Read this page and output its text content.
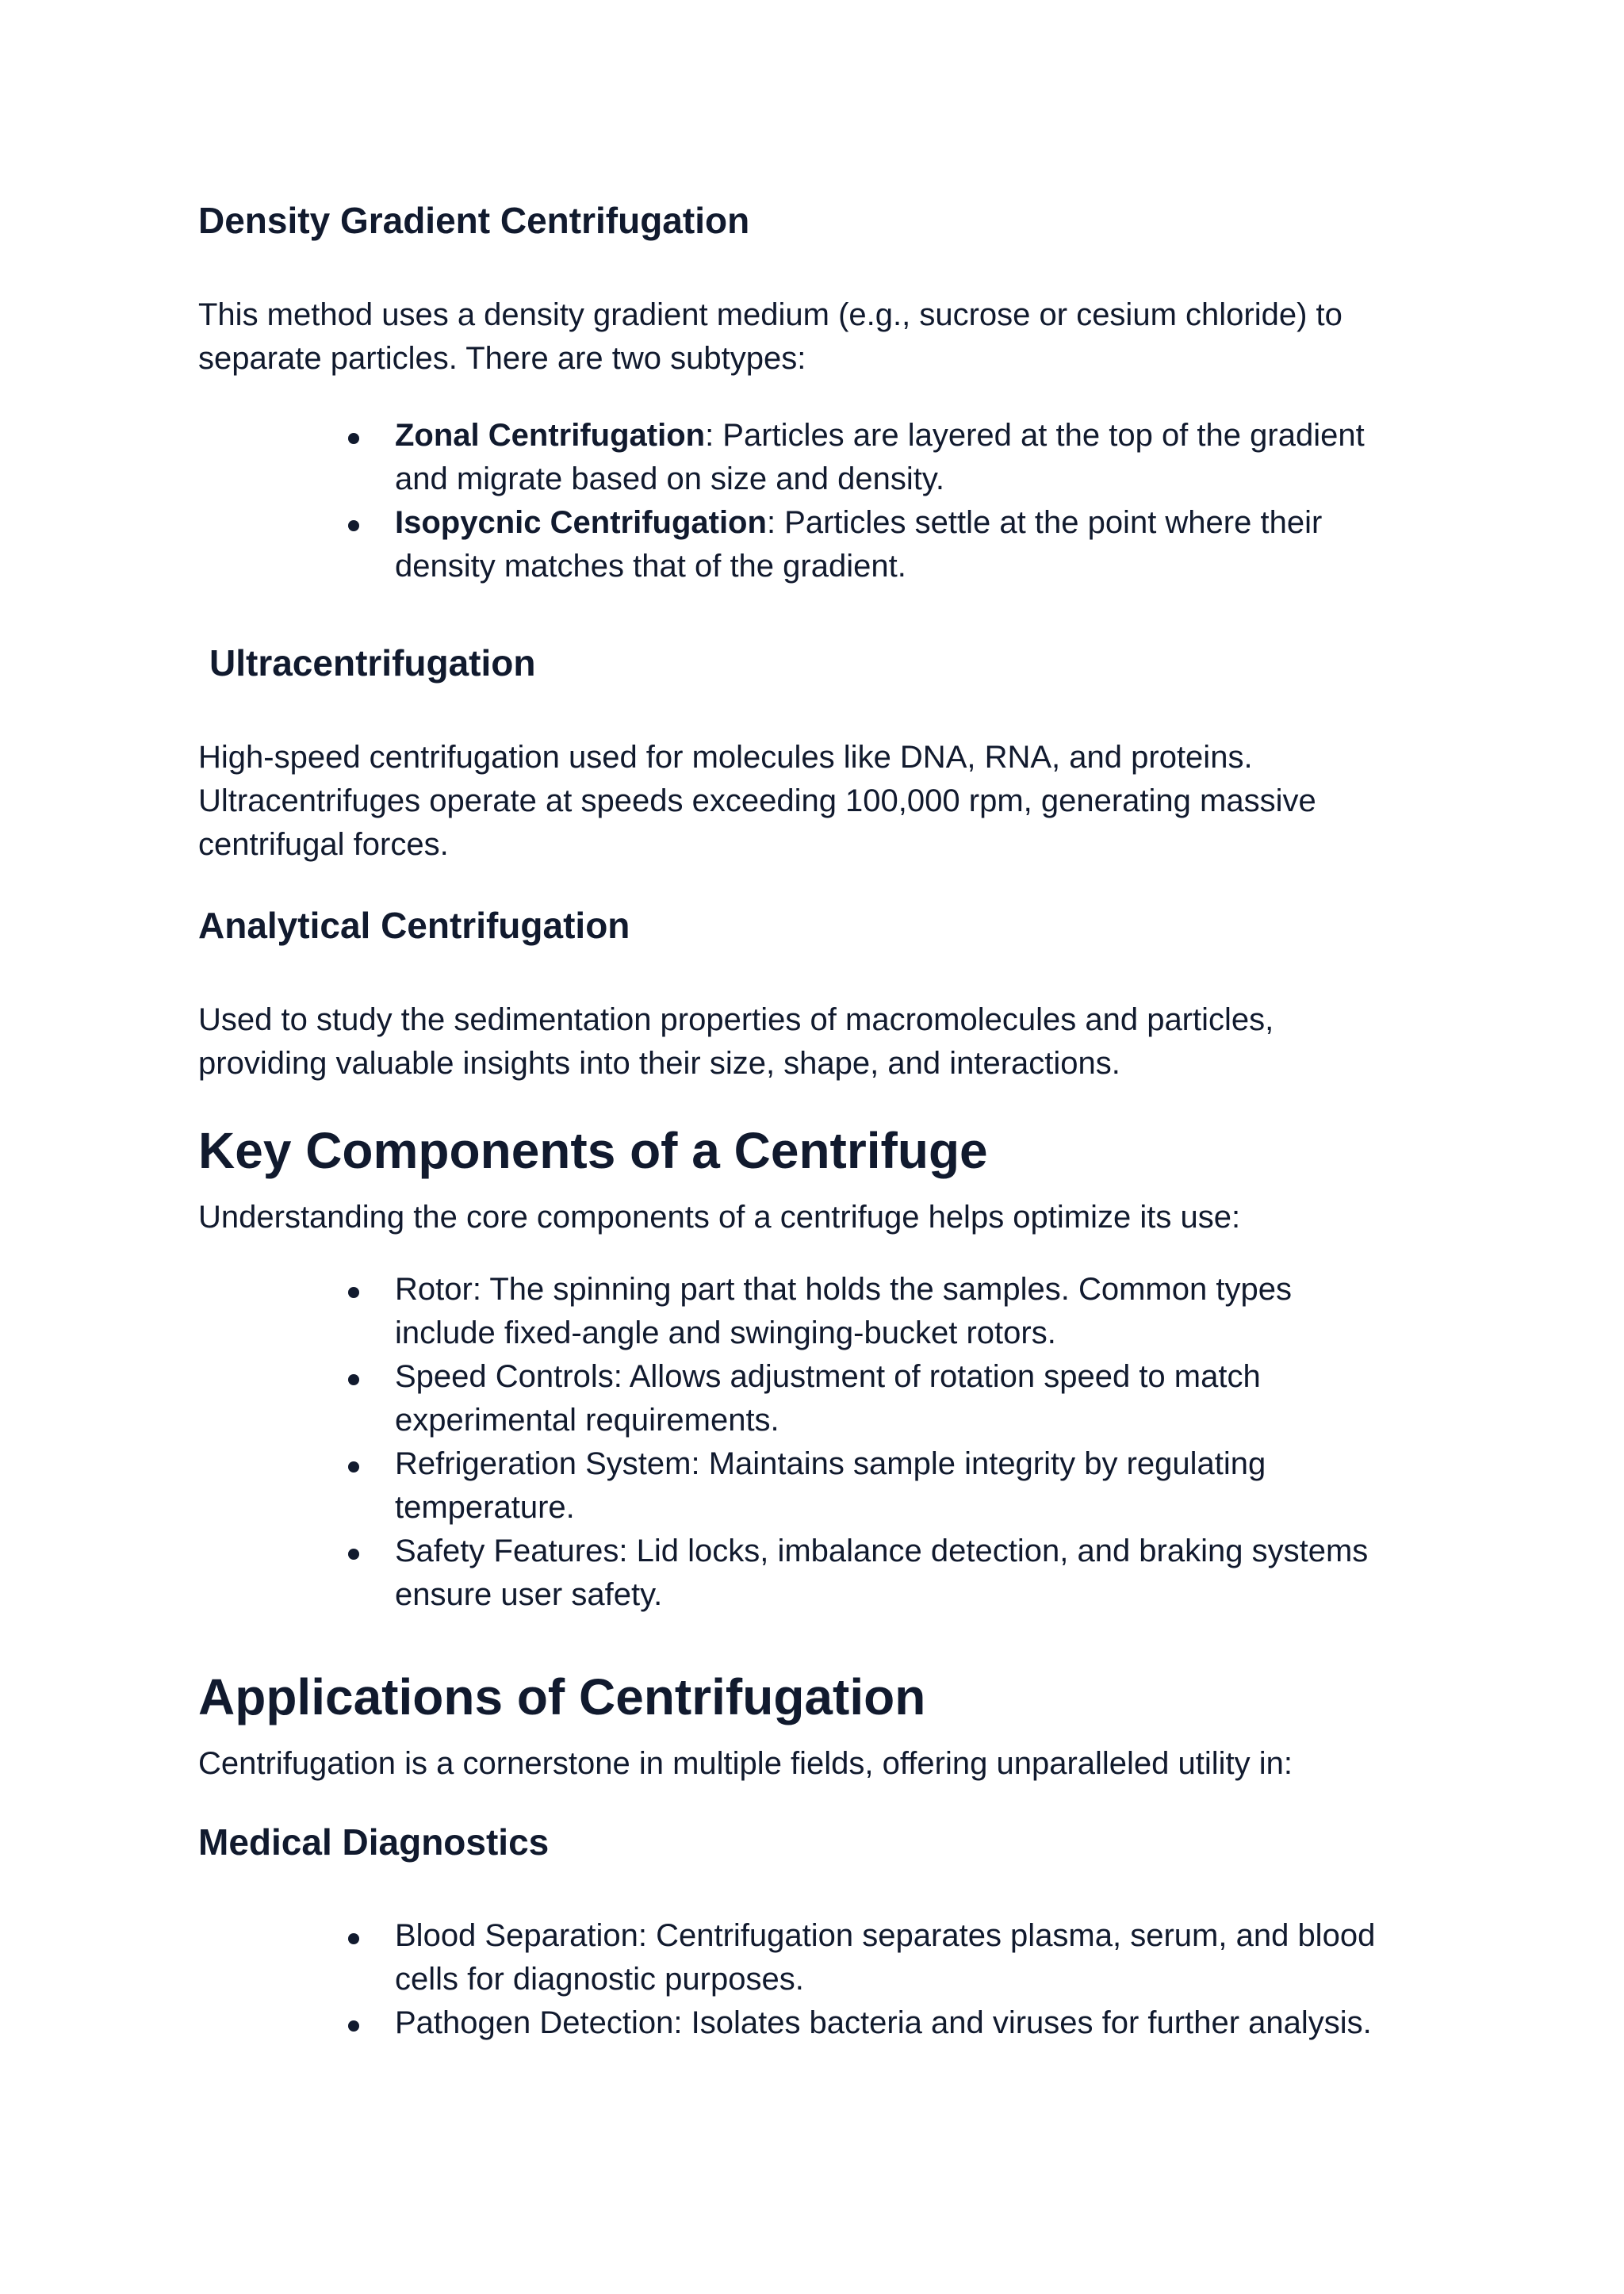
Density Gradient Centrifugation

This method uses a density gradient medium (e.g., sucrose or cesium chloride) to
separate particles. There are two subtypes:

Zonal Centrifugation: Particles are layered at the top of the gradient
and migrate based on size and density.
Isopycnic Centrifugation: Particles settle at the point where their
density matches that of the gradient.
Ultracentrifugation

High-speed centrifugation used for molecules like DNA, RNA, and proteins.
Ultracentrifuges operate at speeds exceeding 100,000 rpm, generating massive
centrifugal forces.

Analytical Centrifugation

Used to study the sedimentation properties of macromolecules and particles,
providing valuable insights into their size, shape, and interactions.

Key Components of a Centrifuge

Understanding the core components of a centrifuge helps optimize its use:

Rotor: The spinning part that holds the samples. Common types
include fixed-angle and swinging-bucket rotors.
Speed Controls: Allows adjustment of rotation speed to match
experimental requirements.
Refrigeration System: Maintains sample integrity by regulating
temperature.
Safety Features: Lid locks, imbalance detection, and braking systems
ensure user safety.
Applications of Centrifugation

Centrifugation is a cornerstone in multiple fields, offering unparalleled utility in:

Medical Diagnostics
Blood Separation: Centrifugation separates plasma, serum, and blood
cells for diagnostic purposes.
Pathogen Detection: Isolates bacteria and viruses for further analysis.
